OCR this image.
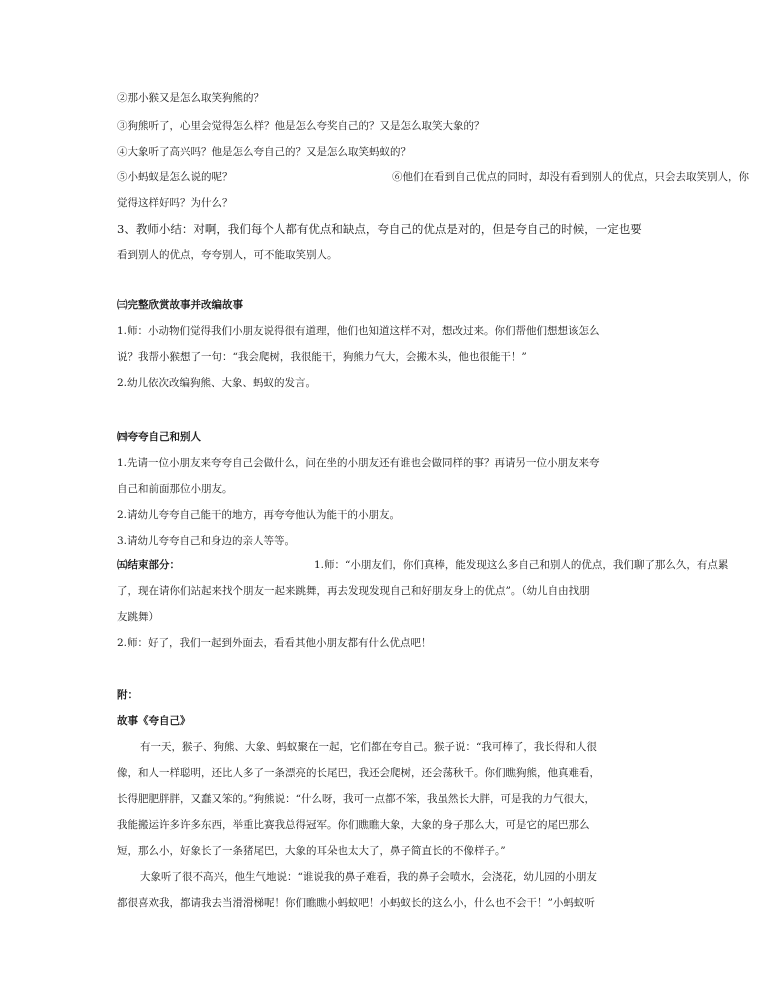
②那小猴又是怎么取笑狗熊的？
③狗熊听了，心里会觉得怎么样？他是怎么夸奖自己的？又是怎么取笑大象的？
④大象听了高兴吗？他是怎么夸自己的？又是怎么取笑蚂蚁的？
⑤小蚂蚁是怎么说的呢？	⑥他们在看到自己优点的同时，却没有看到别人的优点，只会去取笑别人，你
觉得这样好吗？为什么？
3、教师小结：对啊，我们每个人都有优点和缺点，夸自己的优点是对的，但是夸自己的时候，一定也要
看到别人的优点，夸夸别人，可不能取笑别人。
㈢完整欣赏故事并改编故事
1.师：小动物们觉得我们小朋友说得很有道理，他们也知道这样不对，想改过来。你们帮他们想想该怎么
说？我帮小猴想了一句：“我会爬树，我很能干，狗熊力气大，会搬木头，他也很能干！”
2.幼儿依次改编狗熊、大象、蚂蚁的发言。
㈣夸夸自己和别人
1.先请一位小朋友来夸夸自己会做什么，问在坐的小朋友还有谁也会做同样的事？再请另一位小朋友来夸
自己和前面那位小朋友。
2.请幼儿夸夸自己能干的地方，再夸夸他认为能干的小朋友。
3.请幼儿夸夸自己和身边的亲人等等。
㈤结束部分：	1.师：“小朋友们，你们真棒，能发现这么多自己和别人的优点，我们聊了那么久，有点累
了，现在请你们站起来找个朋友一起来跳舞，再去发现发现自己和好朋友身上的优点”。（幼儿自由找朋
友跳舞）
2.师：好了，我们一起到外面去，看看其他小朋友都有什么优点吧！
附：
故事《夸自己》
有一天，猴子、狗熊、大象、蚂蚁聚在一起，它们都在夸自己。猴子说：“我可棒了，我长得和人很
像，和人一样聪明，还比人多了一条漂亮的长尾巴，我还会爬树，还会荡秋千。你们瞧狗熊，他真难看，
长得肥肥胖胖，又蠢又笨的。”狗熊说：“什么呀，我可一点都不笨，我虽然长大胖，可是我的力气很大，
我能搬运许多许多东西，举重比赛我总得冠军。你们瞧瞧大象，大象的身子那么大，可是它的尾巴那么
短，那么小，好象长了一条猪尾巴，大象的耳朵也太大了，鼻子简直长的不像样子。”
大象听了很不高兴，他生气地说：“谁说我的鼻子难看，我的鼻子会喷水，会浇花，幼儿园的小朋友
都很喜欢我，都请我去当滑滑梯呢！你们瞧瞧小蚂蚁吧！小蚂蚁长的这么小，什么也不会干！”小蚂蚁听
